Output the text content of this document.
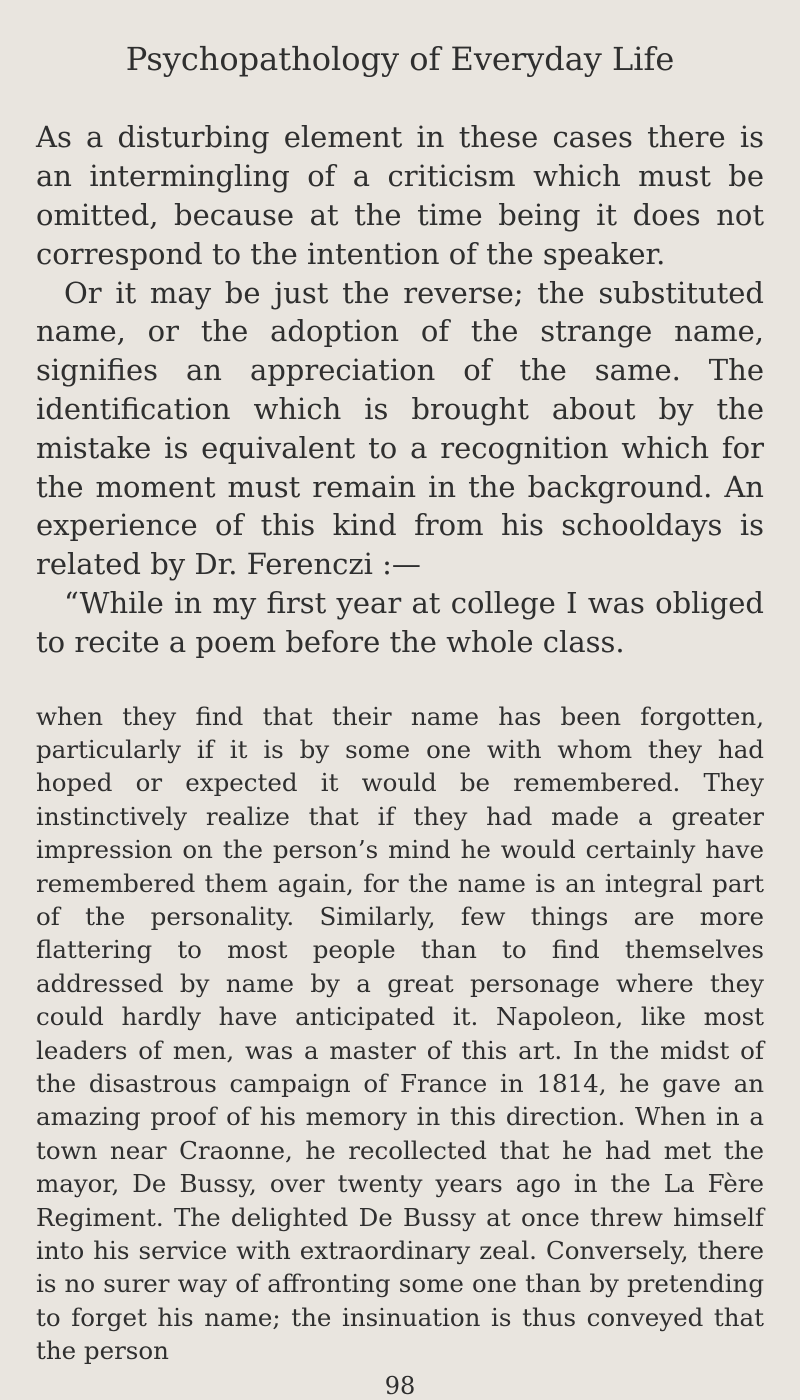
Psychopathology of Everyday Life

As a disturbing element in these cases there is an intermingling of a criticism which must be omitted, because at the time being it does not correspond to the intention of the speaker.

Or it may be just the reverse; the substituted name, or the adoption of the strange name, signifies an appreciation of the same. The identification which is brought about by the mistake is equivalent to a recognition which for the moment must remain in the background. An experience of this kind from his schooldays is related by Dr. Ferenczi :—

“While in my first year at college I was obliged to recite a poem before the whole class.

when they find that their name has been forgotten, particularly if it is by some one with whom they had hoped or expected it would be remembered. They instinctively realize that if they had made a greater impression on the person’s mind he would certainly have remembered them again, for the name is an integral part of the personality. Similarly, few things are more flattering to most people than to find themselves addressed by name by a great personage where they could hardly have anticipated it. Napoleon, like most leaders of men, was a master of this art. In the midst of the disastrous campaign of France in 1814, he gave an amazing proof of his memory in this direction. When in a town near Craonne, he recollected that he had met the mayor, De Bussy, over twenty years ago in the La Fère Regiment. The delighted De Bussy at once threw himself into his service with extraordinary zeal. Conversely, there is no surer way of affronting some one than by pretending to forget his name; the insinuation is thus conveyed that the person

98
